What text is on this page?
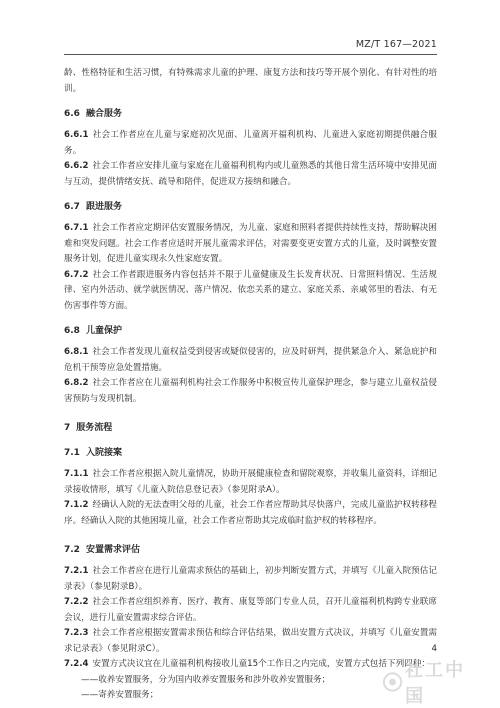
MZ/T 167—2021

龄、性格特征和生活习惯，有特殊需求儿童的护理、康复方法和技巧等开展个别化、有针对性的培训。

6.6 融合服务

6.6.1 社会工作者应在儿童与家庭初次见面、儿童离开福利机构、儿童进入家庭初期提供融合服务。

6.6.2 社会工作者应安排儿童与家庭在儿童福利机构内或儿童熟悉的其他日常生活环境中安排见面与互动，提供情绪安抚、疏导和陪伴，促进双方接纳和融合。

6.7 跟进服务

6.7.1 社会工作者应定期评估安置服务情况，为儿童、家庭和照料者提供持续性支持，帮助解决困难和突发问题。社会工作者应适时开展儿童需求评估，对需要变更安置方式的儿童，及时调整安置服务计划，促进儿童实现永久性家庭安置。

6.7.2 社会工作者跟进服务内容包括并不限于儿童健康及生长发育状况、日常照料情况、生活规律、室内外活动、就学就医情况、落户情况、依恋关系的建立、家庭关系、亲戚邻里的看法、有无伤害事件等方面。

6.8 儿童保护

6.8.1 社会工作者发现儿童权益受到侵害或疑似侵害的，应及时研判，提供紧急介入、紧急庇护和危机干预等应急处置措施。

6.8.2 社会工作者应在儿童福利机构社会工作服务中积极宣传儿童保护理念，参与建立儿童权益侵害预防与发现机制。

7 服务流程

7.1 入院接案

7.1.1 社会工作者应根据入院儿童情况，协助开展健康检查和留院观察，并收集儿童资料，详细记录接收情形，填写《儿童入院信息登记表》（参见附录A）。

7.1.2 经确认入院的无法查明父母的儿童，社会工作者应帮助其尽快落户，完成儿童监护权转移程序。经确认入院的其他困境儿童，社会工作者应帮助其完成临时监护权的转移程序。

7.2 安置需求评估

7.2.1 社会工作者应在进行儿童需求预估的基础上，初步判断安置方式，并填写《儿童入院预估记录表》（参见附录B）。

7.2.2 社会工作者应组织养育、医疗、教育、康复等部门专业人员，召开儿童福利机构跨专业联席会议，进行儿童安置需求综合评估。

7.2.3 社会工作者应根据安置需求预估和综合评估结果，做出安置方式决议，并填写《儿童安置需求记录表》（参见附录C）。

7.2.4 安置方式决议宜在儿童福利机构接收儿童15个工作日之内完成，安置方式包括下列四种：

——收养安置服务，分为国内收养安置服务和涉外收养安置服务；

——寄养安置服务；

4
社工中国
